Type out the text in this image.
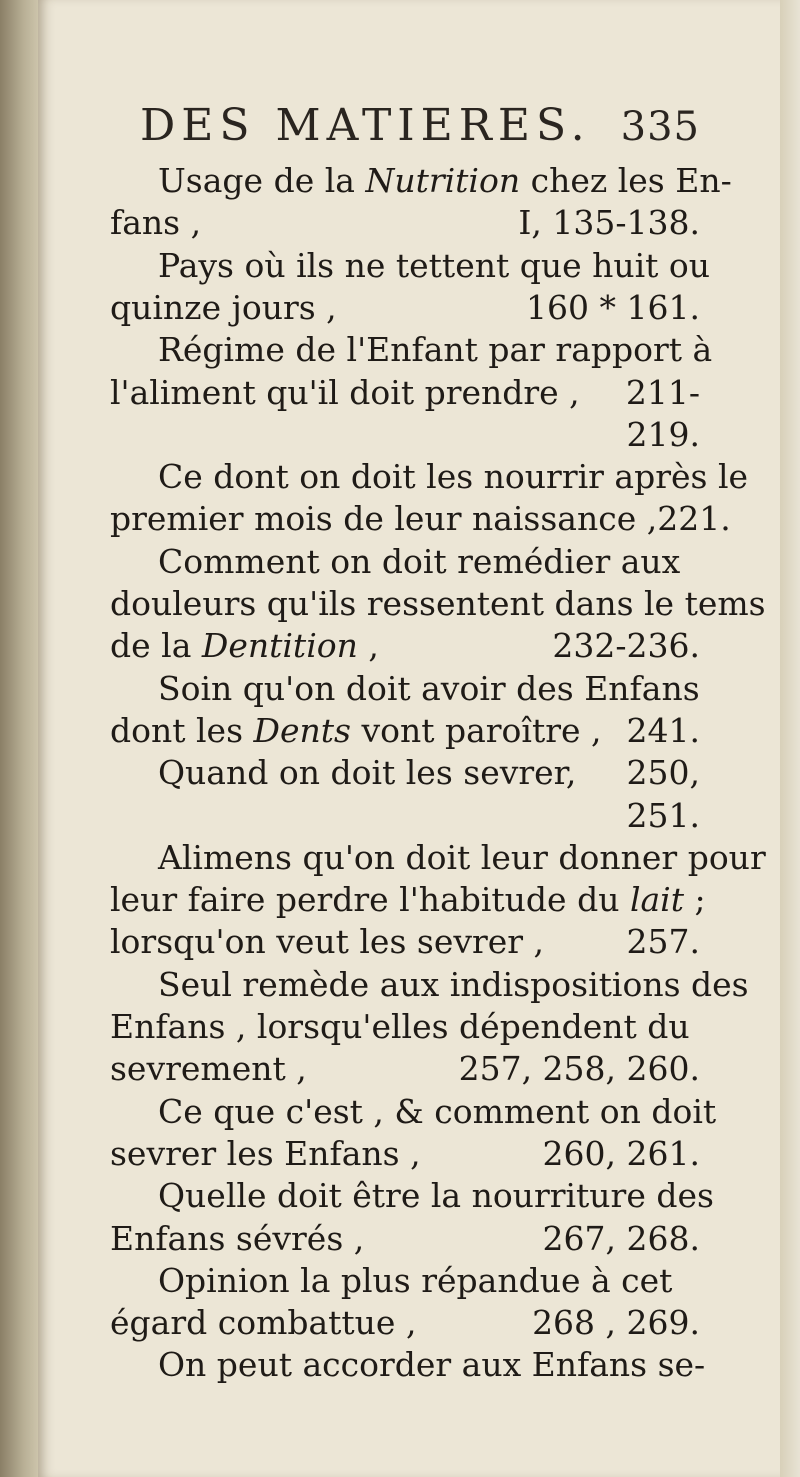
DES MATIERES. 335
Usage de la Nutrition chez les En-
fans ,	I, 135-138.
Pays où ils ne tettent que huit ou
quinze jours ,	160 * 161.
Régime de l'Enfant par rapport à
l'aliment qu'il doit prendre , 211-
219.
Ce dont on doit les nourrir après le
premier mois de leur naissance , 221.
Comment on doit remédier aux
douleurs qu'ils ressentent dans le tems
de la Dentition ,	232-236.
Soin qu'on doit avoir des Enfans
dont les Dents vont paroître , 241.
Quand on doit les sevrer, 250,
251.
Alimens qu'on doit leur donner pour
leur faire perdre l'habitude du lait ;
lorsqu'on veut les sevrer , 257.
Seul remède aux indispositions des
Enfans , lorsqu'elles dépendent du
sevrement ,	257, 258, 260.
Ce que c'est , & comment on doit
sevrer les Enfans ,	260, 261.
Quelle doit être la nourriture des
Enfans sévrés ,	267, 268.
Opinion la plus répandue à cet
égard combattue ,	268 , 269.
On peut accorder aux Enfans se-
